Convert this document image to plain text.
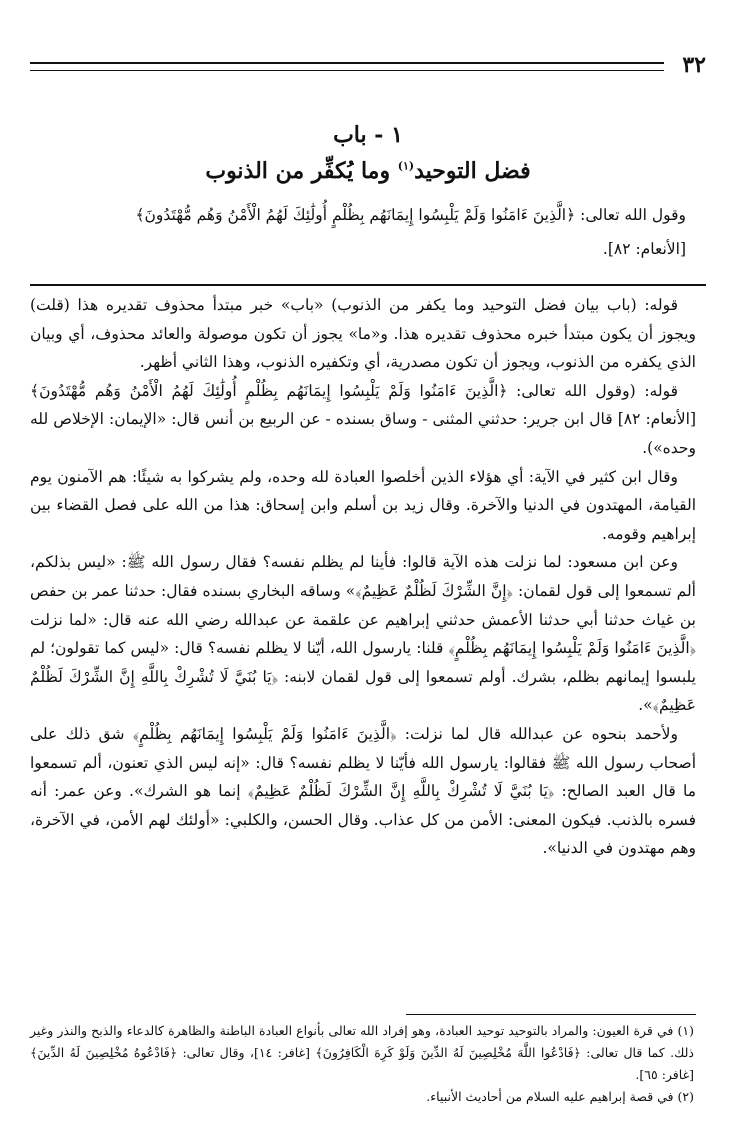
٣٢
١ - باب
فضل التوحيد$^{(١)}$ وما يُكفِّر من الذنوب
وقول الله تعالى: ﴿الَّذِينَ ءَامَنُوا وَلَمْ يَلْبِسُوا إِيمَانَهُم بِظُلْمٍ أُولَٰئِكَ لَهُمُ الْأَمْنُ وَهُم مُّهْتَدُونَ﴾
[الأنعام: ٨٢].

قوله: (باب بيان فضل التوحيد وما يكفر من الذنوب) «باب» خبر مبتدأ محذوف تقديره هذا (قلت) ويجوز أن يكون مبتدأ خبره محذوف تقديره هذا. و«ما» يجوز أن تكون موصولة والعائد محذوف، أي وبيان الذي يكفره من الذنوب، ويجوز أن تكون مصدرية، أي وتكفيره الذنوب، وهذا الثاني أظهر.

قوله: (وقول الله تعالى: ﴿الَّذِينَ ءَامَنُوا وَلَمْ يَلْبِسُوا إِيمَانَهُم بِظُلْمٍ أُولَٰئِكَ لَهُمُ الْأَمْنُ وَهُم مُّهْتَدُونَ﴾ [الأنعام: ٨٢] قال ابن جرير: حدثني المثنى - وساق بسنده - عن الربيع بن أنس قال: «الإيمان: الإخلاص لله وحده»).

وقال ابن كثير في الآية: أي هؤلاء الذين أخلصوا العبادة لله وحده، ولم يشركوا به شيئًا: هم الآمنون يوم القيامة، المهتدون في الدنيا والآخرة. وقال زيد بن أسلم وابن إسحاق: هذا من الله على فصل القضاء بين إبراهيم وقومه.

وعن ابن مسعود: لما نزلت هذه الآية قالوا: فأينا لم يظلم نفسه؟ فقال رسول الله ﷺ: «ليس بذلكم، ألم تسمعوا إلى قول لقمان: ﴿إِنَّ الشِّرْكَ لَظُلْمٌ عَظِيمٌ﴾» وساقه البخاري بسنده فقال: حدثنا عمر بن حفص بن غياث حدثنا أبي حدثنا الأعمش حدثني إبراهيم عن علقمة عن عبدالله رضي الله عنه قال: «لما نزلت ﴿الَّذِينَ ءَامَنُوا وَلَمْ يَلْبِسُوا إِيمَانَهُم بِظُلْمٍ﴾ قلنا: يارسول الله، أيّنا لا يظلم نفسه؟ قال: «ليس كما تقولون؛ لم يلبسوا إيمانهم بظلم، بشرك. أولم تسمعوا إلى قول لقمان لابنه: ﴿يَا بُنَيَّ لَا تُشْرِكْ بِاللَّهِ إِنَّ الشِّرْكَ لَظُلْمٌ عَظِيمٌ﴾».

ولأحمد بنحوه عن عبدالله قال لما نزلت: ﴿الَّذِينَ ءَامَنُوا وَلَمْ يَلْبِسُوا إِيمَانَهُم بِظُلْمٍ﴾ شق ذلك على أصحاب رسول الله ﷺ فقالوا: يارسول الله فأيّنا لا يظلم نفسه؟ قال: «إنه ليس الذي تعنون، ألم تسمعوا ما قال العبد الصالح: ﴿يَا بُنَيَّ لَا تُشْرِكْ بِاللَّهِ إِنَّ الشِّرْكَ لَظُلْمٌ عَظِيمٌ﴾ إنما هو الشرك». وعن عمر: أنه فسره بالذنب. فيكون المعنى: الأمن من كل عذاب. وقال الحسن، والكلبي: «أولئك لهم الأمن، في الآخرة، وهم مهتدون في الدنيا».

(١) في قرة العيون: والمراد بالتوحيد توحيد العبادة، وهو إفراد الله تعالى بأنواع العبادة الباطنة والظاهرة كالدعاء والذبح والنذر وغير ذلك. كما قال تعالى: ﴿فَادْعُوا اللَّهَ مُخْلِصِينَ لَهُ الدِّينَ وَلَوْ كَرِهَ الْكَافِرُونَ﴾ [غافر: ١٤]، وقال تعالى: ﴿فَادْعُوهُ مُخْلِصِينَ لَهُ الدِّينَ﴾ [غافر: ٦٥].

(٢) في قصة إبراهيم عليه السلام من أحاديث الأنبياء.
